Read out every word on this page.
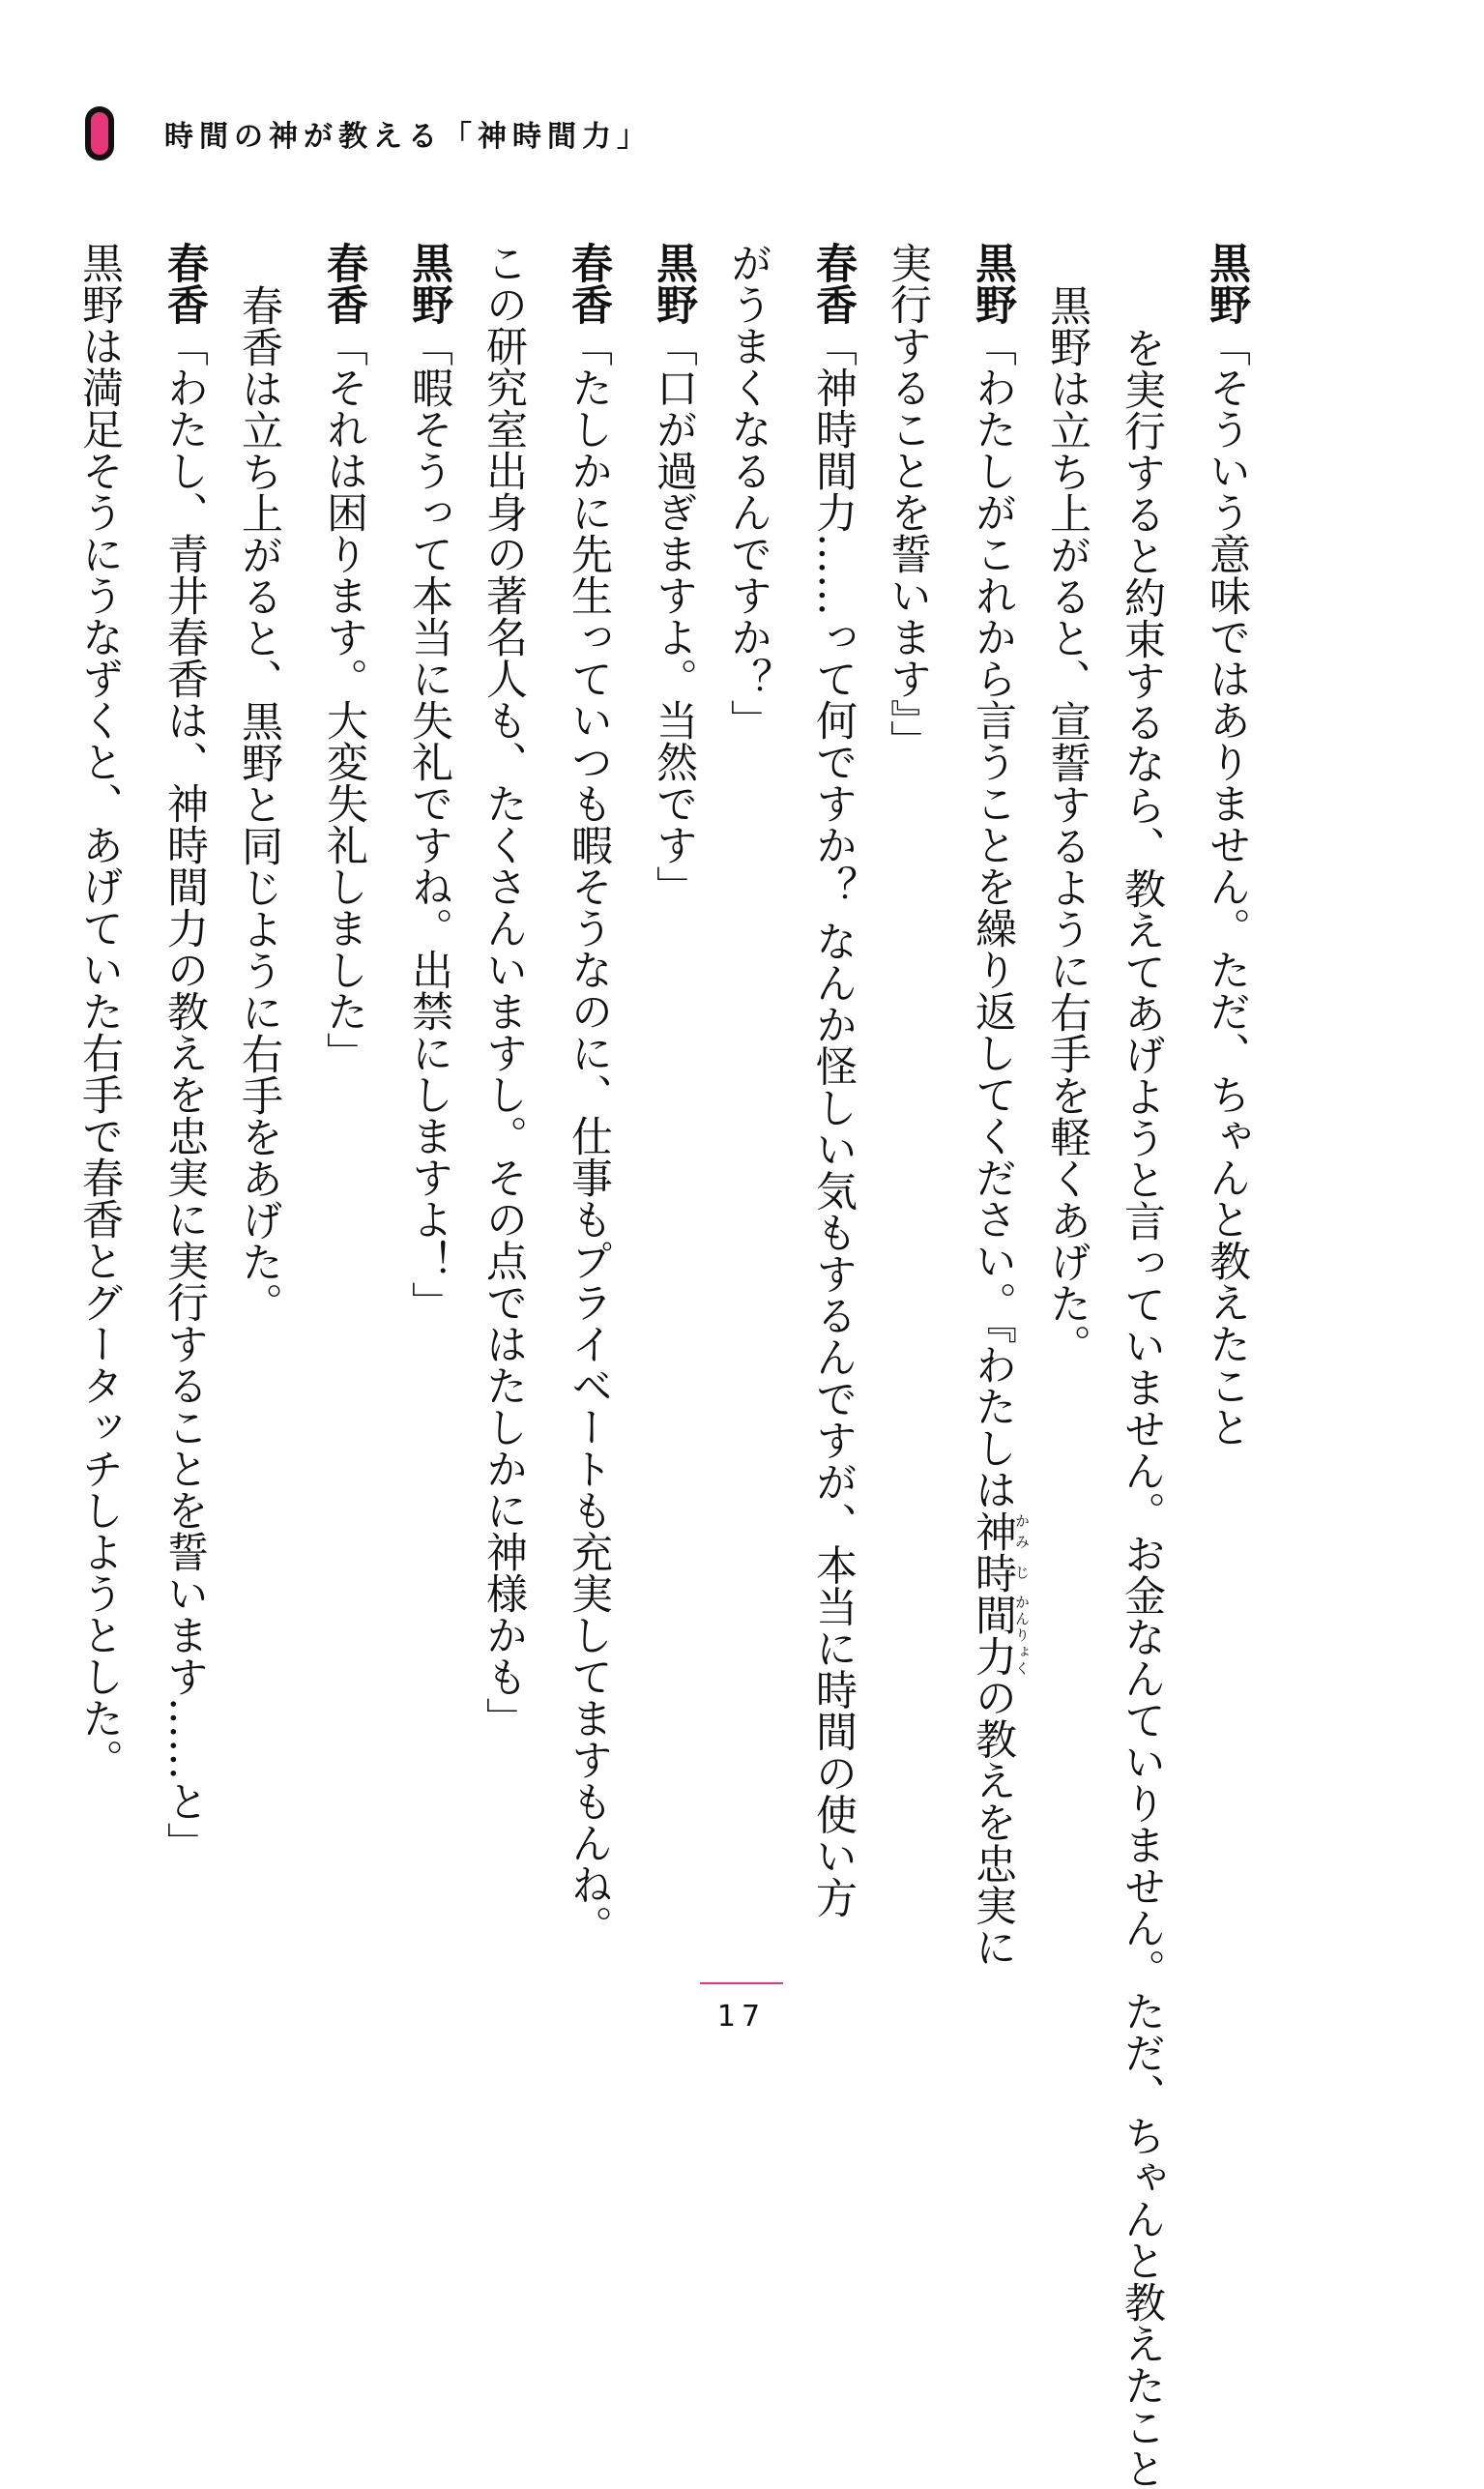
時間の神が教える「神時間力」
黒野「そういう意味ではありません。ただ、ちゃんと教えたこと
を実行すると約束するなら、教えてあげようと言っていません。お金なんていりません。ただ、ちゃんと教えたこと
黒野は立ち上がると、宣誓するように右手を軽くあげた。
黒野「わたしがこれから言うことを繰り返してください。『わたしは神かみ時じ間力かんりょくの教えを忠実に
実行することを誓います』」
春香「神時間力……って何ですか？ なんか怪しい気もするんですが、本当に時間の使い方
がうまくなるんですか？」
黒野「口が過ぎますよ。当然です」
春香「たしかに先生っていつも暇そうなのに、仕事もプライベートも充実してますもんね。
この研究室出身の著名人も、たくさんいますし。その点ではたしかに神様かも」
黒野「暇そうって本当に失礼ですね。出禁にしますよ！」
春香「それは困ります。大変失礼しました」
春香は立ち上がると、黒野と同じように右手をあげた。
春香「わたし、青井春香は、神時間力の教えを忠実に実行することを誓います……と」
黒野は満足そうにうなずくと、あげていた右手で春香とグータッチしようとした。
17
